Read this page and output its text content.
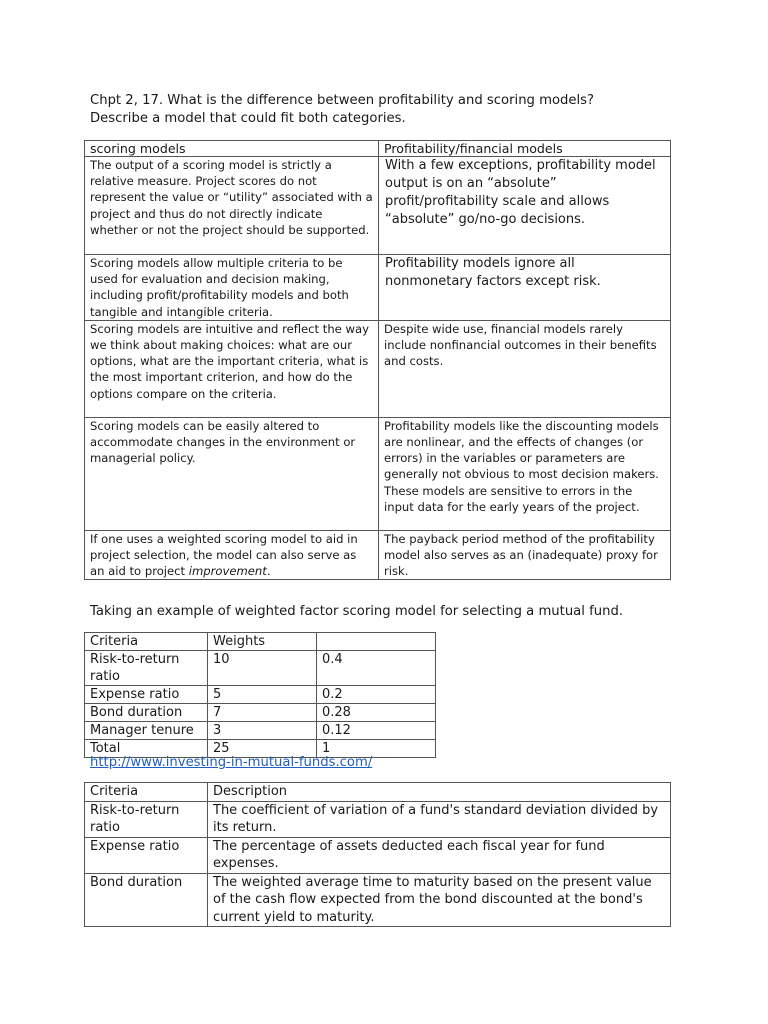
Chpt 2, 17. What is the difference between profitability and scoring models?
Describe a model that could fit both categories.
scoring models	Profitability/financial models
The output of a scoring model is strictly a relative measure. Project scores do not represent the value or “utility” associated with a project and thus do not directly indicate whether or not the project should be supported.	With a few exceptions, profitability model output is on an “absolute” profit/profitability scale and allows “absolute” go/no-go decisions.
Scoring models allow multiple criteria to be used for evaluation and decision making, including profit/profitability models and both tangible and intangible criteria.	Profitability models ignore all nonmonetary factors except risk.
Scoring models are intuitive and reflect the way we think about making choices: what are our options, what are the important criteria, what is the most important criterion, and how do the options compare on the criteria.	Despite wide use, financial models rarely include nonfinancial outcomes in their benefits and costs.
Scoring models can be easily altered to accommodate changes in the environment or managerial policy.	Profitability models like the discounting models are nonlinear, and the effects of changes (or errors) in the variables or parameters are generally not obvious to most decision makers. These models are sensitive to errors in the input data for the early years of the project.
If one uses a weighted scoring model to aid in project selection, the model can also serve as an aid to project improvement.	The payback period method of the profitability model also serves as an (inadequate) proxy for risk.
Taking an example of weighted factor scoring model for selecting a mutual fund.
Criteria	Weights	
Risk-to-return ratio	10	0.4
Expense ratio	5	0.2
Bond duration	7	0.28
Manager tenure	3	0.12
Total	25	1
http://www.investing-in-mutual-funds.com/
Criteria	Description
Risk-to-return ratio	The coefficient of variation of a fund's standard deviation divided by its return.
Expense ratio	The percentage of assets deducted each fiscal year for fund expenses.
Bond duration	The weighted average time to maturity based on the present value of the cash flow expected from the bond discounted at the bond's current yield to maturity.
